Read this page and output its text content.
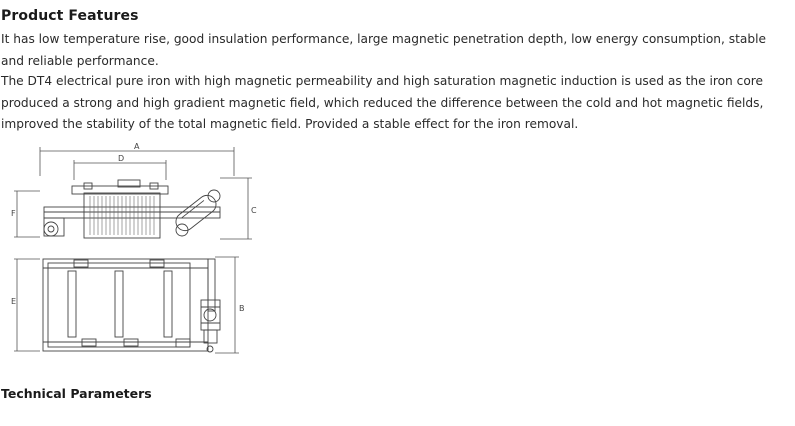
Product Features

It has low temperature rise, good insulation performance, large magnetic penetration depth, low energy consumption, stable and reliable performance.

The DT4 electrical pure iron with high magnetic permeability and high saturation magnetic induction is used as the iron core produced a strong and high gradient magnetic field, which reduced the difference between the cold and hot magnetic fields, improved the stability of the total magnetic field. Provided a stable effect for the iron removal.

A
D
F	C
E
B
Technical Parameters
